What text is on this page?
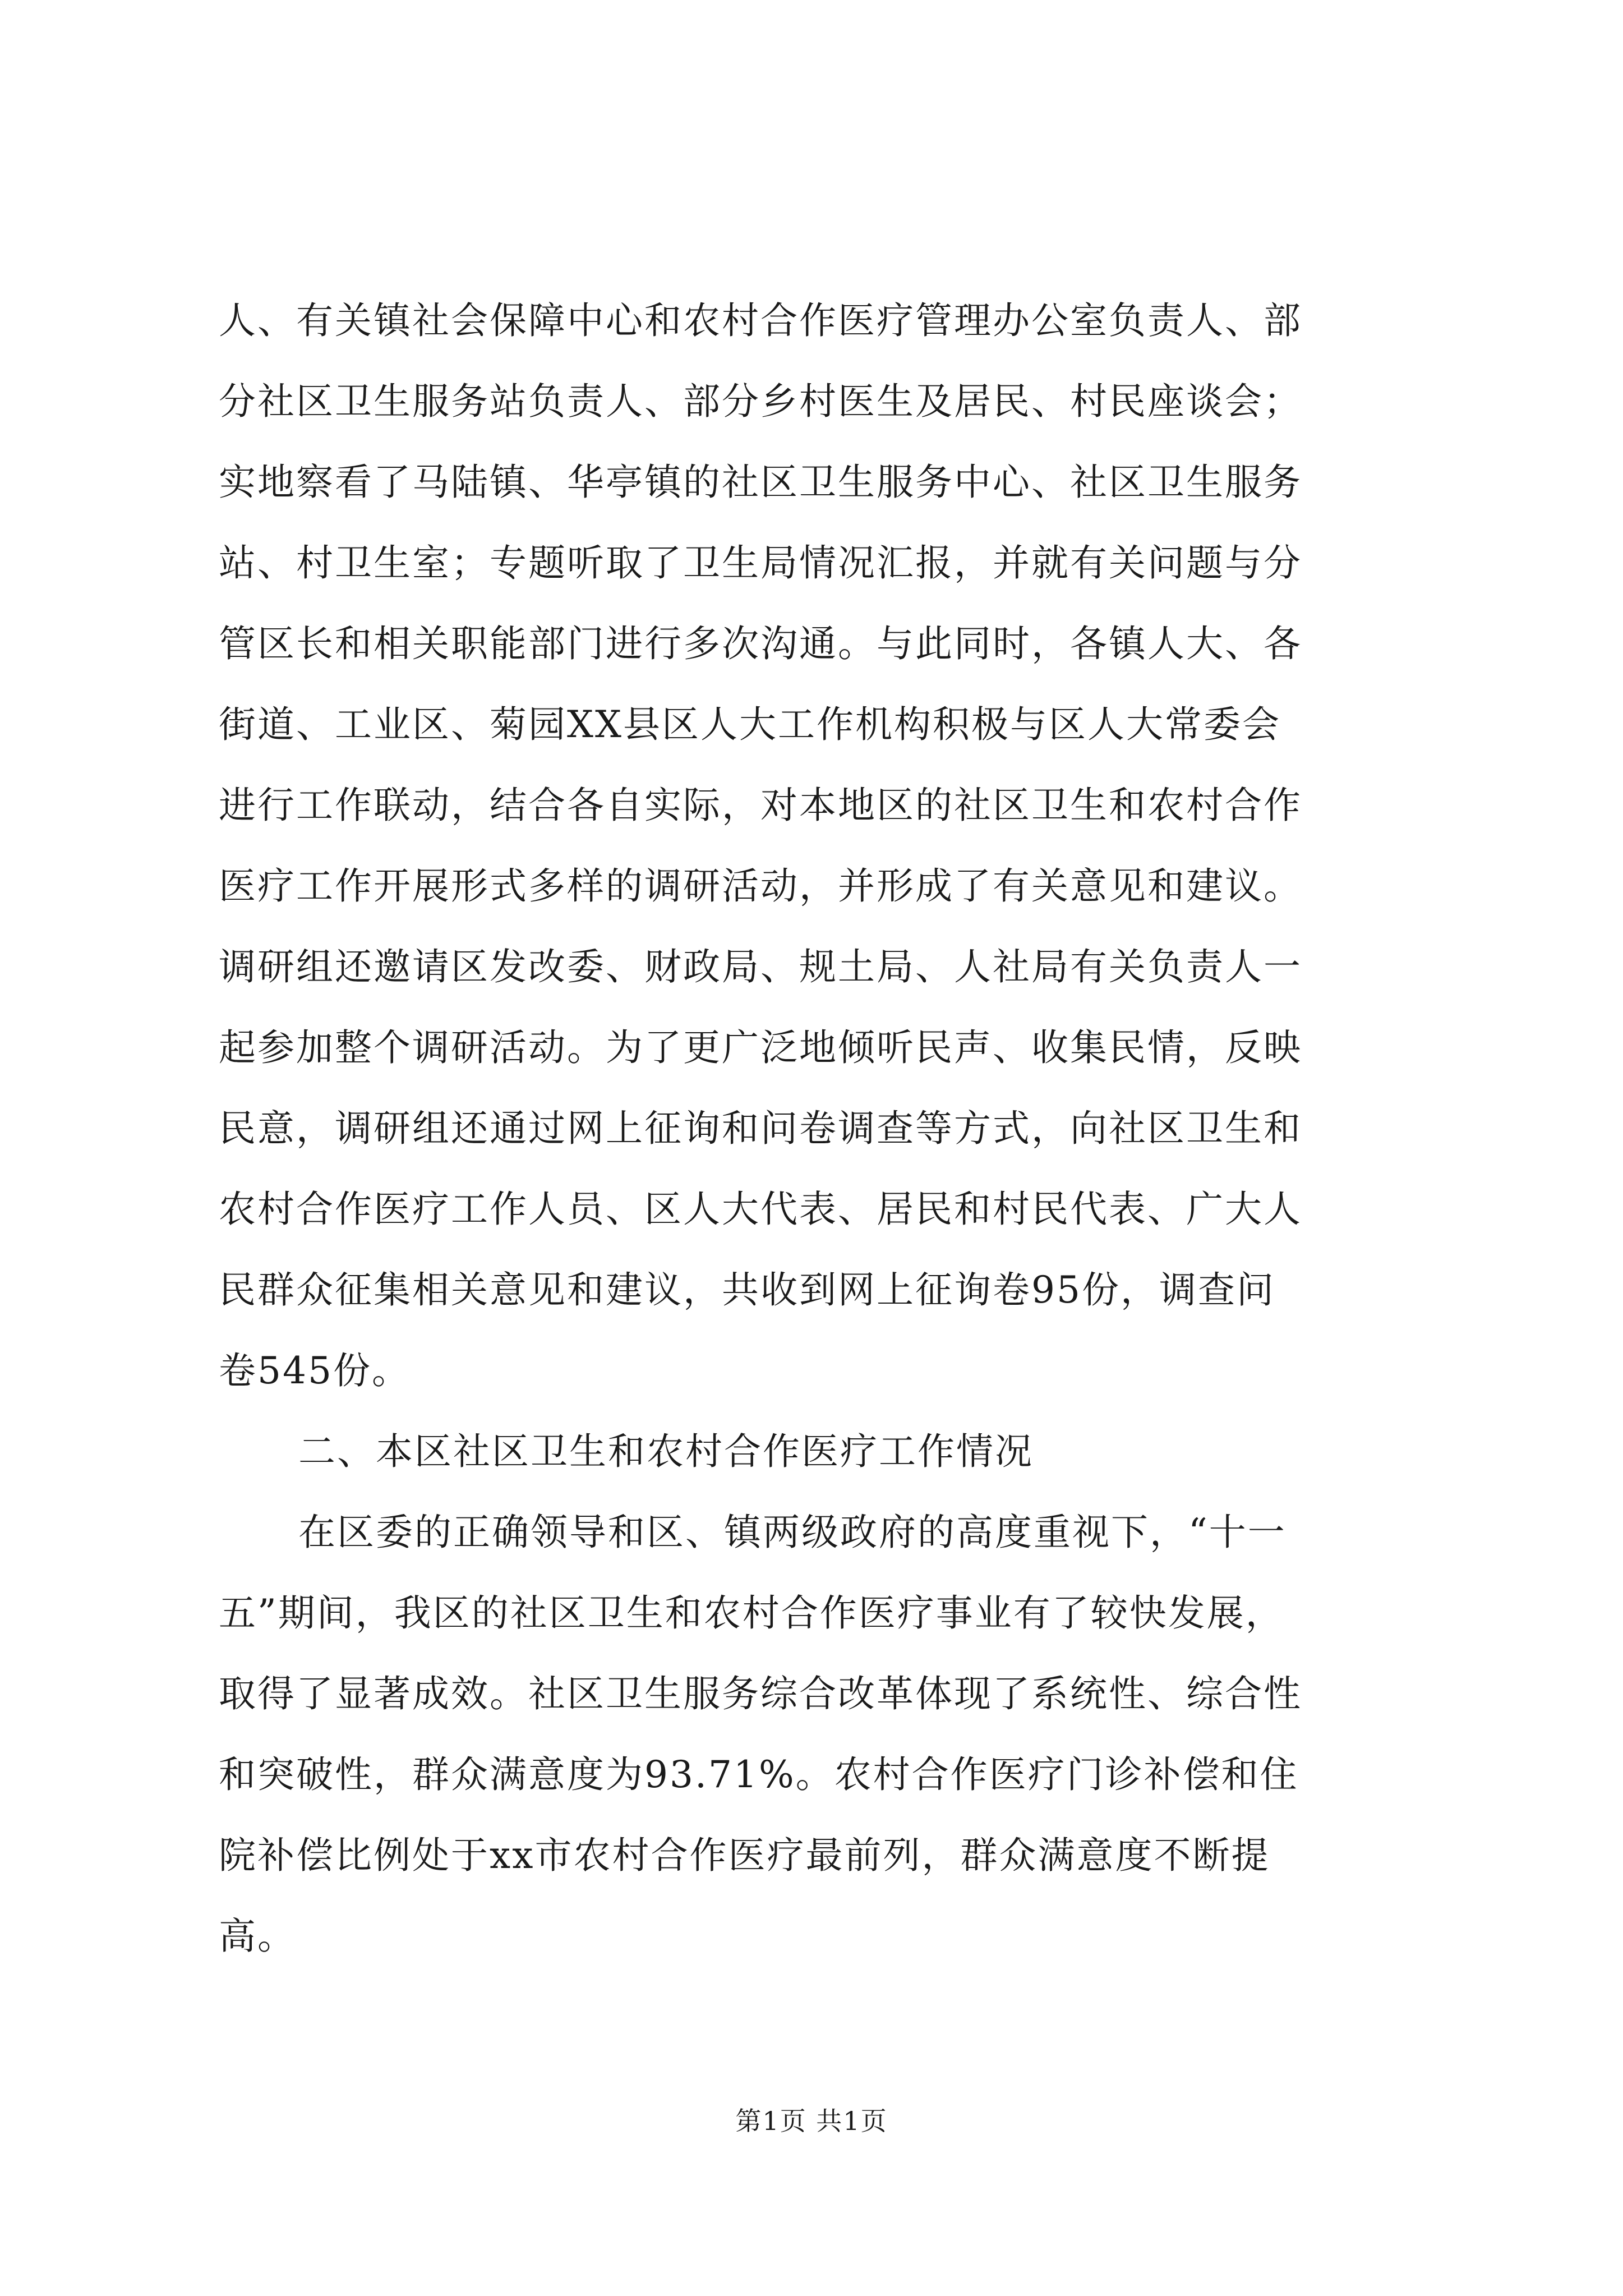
人、有关镇社会保障中心和农村合作医疗管理办公室负责人、部
分社区卫生服务站负责人、部分乡村医生及居民、村民座谈会；
实地察看了马陆镇、华亭镇的社区卫生服务中心、社区卫生服务
站、村卫生室；专题听取了卫生局情况汇报，并就有关问题与分
管区长和相关职能部门进行多次沟通。与此同时，各镇人大、各
街道、工业区、菊园XX县区人大工作机构积极与区人大常委会
进行工作联动，结合各自实际，对本地区的社区卫生和农村合作
医疗工作开展形式多样的调研活动，并形成了有关意见和建议。
调研组还邀请区发改委、财政局、规土局、人社局有关负责人一
起参加整个调研活动。为了更广泛地倾听民声、收集民情，反映
民意，调研组还通过网上征询和问卷调查等方式，向社区卫生和
农村合作医疗工作人员、区人大代表、居民和村民代表、广大人
民群众征集相关意见和建议，共收到网上征询卷95份，调查问
卷545份。
二、本区社区卫生和农村合作医疗工作情况
在区委的正确领导和区、镇两级政府的高度重视下，“十一
五”期间，我区的社区卫生和农村合作医疗事业有了较快发展，
取得了显著成效。社区卫生服务综合改革体现了系统性、综合性
和突破性，群众满意度为93.71%。农村合作医疗门诊补偿和住
院补偿比例处于xx市农村合作医疗最前列，群众满意度不断提
高。
第1页 共1页
